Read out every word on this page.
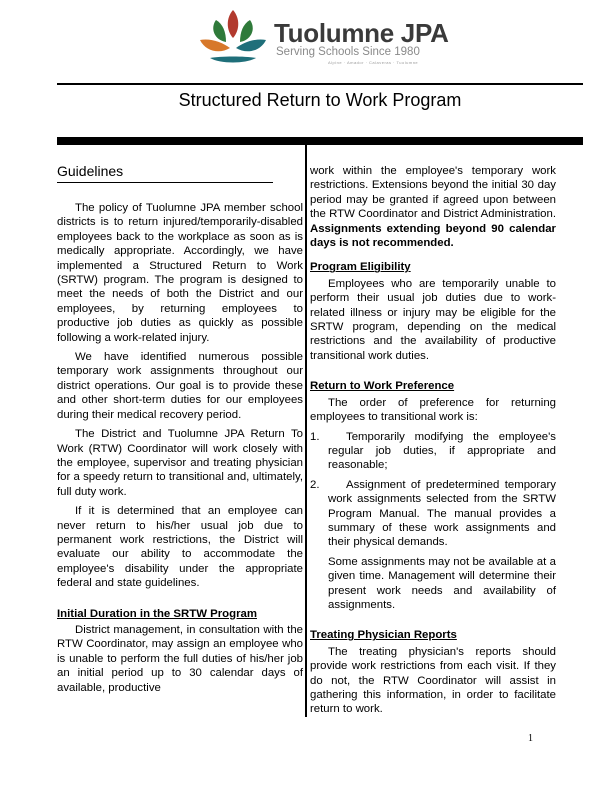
Tuolumne JPA
Serving Schools Since 1980
Alpine · Amador · Calaveras · Tuolumne
Structured Return to Work Program
Guidelines

The policy of Tuolumne JPA member school districts is to return injured/temporarily-disabled employees back to the workplace as soon as is medically appropriate. Accordingly, we have implemented a Structured Return to Work (SRTW) program. The program is designed to meet the needs of both the District and our employees, by returning employees to productive job duties as quickly as possible following a work-related injury.

We have identified numerous possible temporary work assignments throughout our district operations. Our goal is to provide these and other short-term duties for our employees during their medical recovery period.

The District and Tuolumne JPA Return To Work (RTW) Coordinator will work closely with the employee, supervisor and treating physician for a speedy return to transitional and, ultimately, full duty work.

If it is determined that an employee can never return to his/her usual job due to permanent work restrictions, the District will evaluate our ability to accommodate the employee's disability under the appropriate federal and state guidelines.

Initial Duration in the SRTW Program

District management, in consultation with the RTW Coordinator, may assign an employee who is unable to perform the full duties of his/her job an initial period up to 30 calendar days of available, productive

work within the employee's temporary work restrictions. Extensions beyond the initial 30 day period may be granted if agreed upon between the RTW Coordinator and District Administration. Assignments extending beyond 90 calendar days is not recommended.

Program Eligibility

Employees who are temporarily unable to perform their usual job duties due to work-related illness or injury may be eligible for the SRTW program, depending on the medical restrictions and the availability of productive transitional work duties.

Return to Work Preference

The order of preference for returning employees to transitional work is:

1.	Temporarily modifying the employee's regular job duties, if appropriate and reasonable;
2.	Assignment of predetermined temporary work assignments selected from the SRTW Program Manual. The manual provides a summary of these work assignments and their physical demands.
Some assignments may not be available at a given time. Management will determine their present work needs and availability of assignments.
Treating Physician Reports

The treating physician's reports should provide work restrictions from each visit. If they do not, the RTW Coordinator will assist in gathering this information, in order to facilitate return to work.

1
